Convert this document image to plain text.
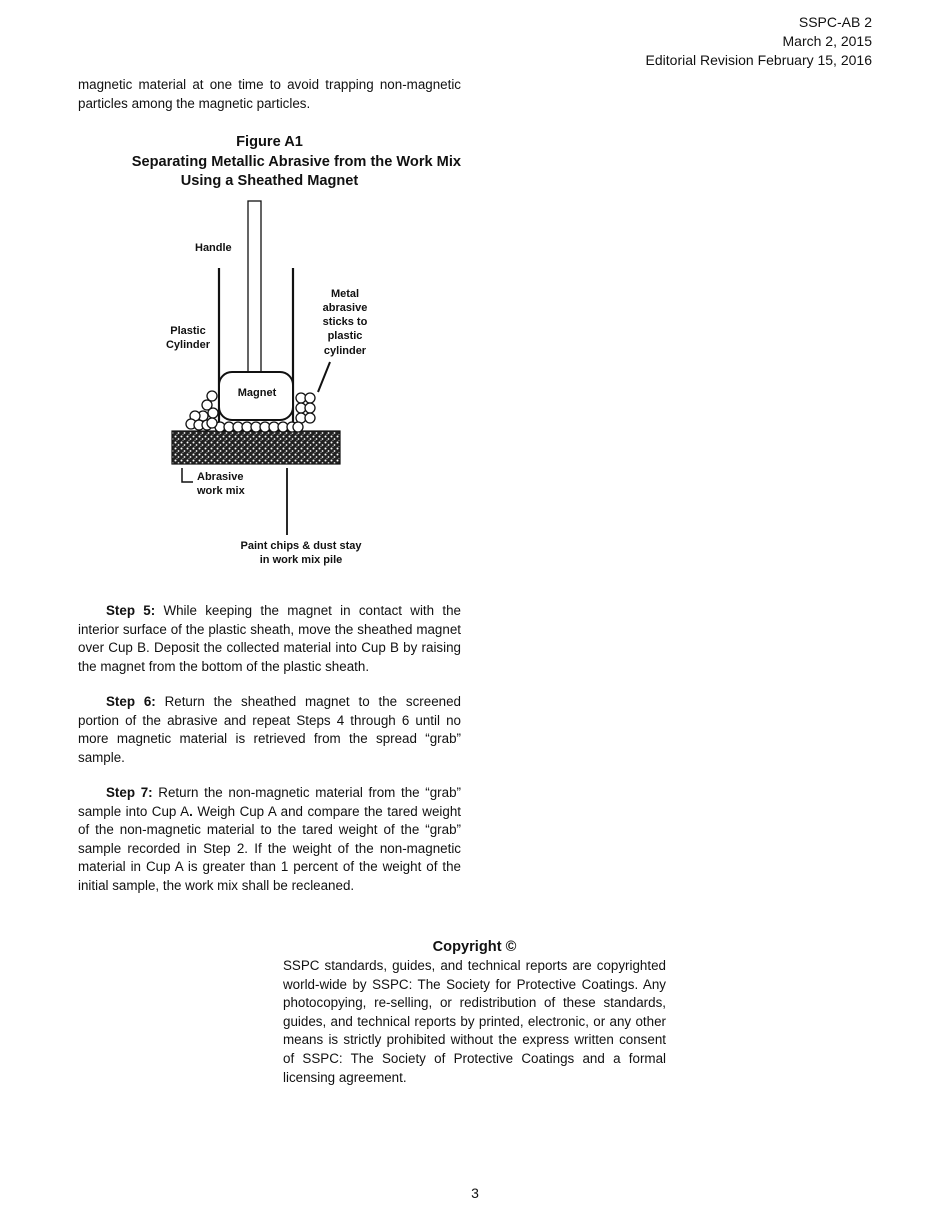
SSPC-AB 2
March 2, 2015
Editorial Revision February 15, 2016

magnetic material at one time to avoid trapping non-magnetic particles among the magnetic particles.

Figure A1
Separating Metallic Abrasive from the Work Mix
Using a Sheathed Magnet
Handle
Plastic
Cylinder
Magnet
Metal
abrasive
sticks to
plastic
cylinder
Abrasive
work mix
Paint chips & dust stay
in work mix pile

Step 5: While keeping the magnet in contact with the interior surface of the plastic sheath, move the sheathed magnet over Cup B. Deposit the collected material into Cup B by raising the magnet from the bottom of the plastic sheath.

Step 6: Return the sheathed magnet to the screened portion of the abrasive and repeat Steps 4 through 6 until no more magnetic material is retrieved from the spread “grab” sample.

Step 7: Return the non-magnetic material from the “grab” sample into Cup A. Weigh Cup A and compare the tared weight of the non-magnetic material to the tared weight of the “grab” sample recorded in Step 2. If the weight of the non-magnetic material in Cup A is greater than 1 percent of the weight of the initial sample, the work mix shall be recleaned.

Copyright ©
SSPC standards, guides, and technical reports are copyrighted world-wide by SSPC: The Society for Protective Coatings. Any photocopying, re-selling, or redistribution of these standards, guides, and technical reports by printed, electronic, or any other means is strictly prohibited without the express written consent of SSPC: The Society of Protective Coatings and a formal licensing agreement.
3
